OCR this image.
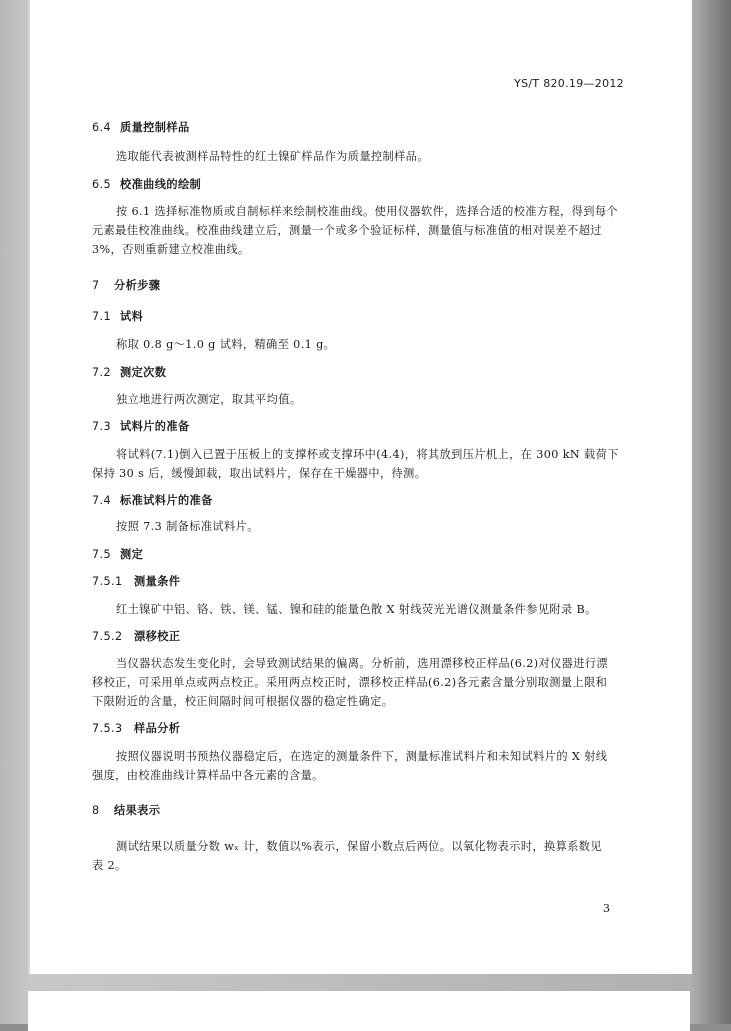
YS/T 820.19—2012
6.4 质量控制样品
选取能代表被测样品特性的红土镍矿样品作为质量控制样品。
6.5 校准曲线的绘制
按 6.1 选择标准物质或自制标样来绘制校准曲线。使用仪器软件，选择合适的校准方程，得到每个
元素最佳校准曲线。校准曲线建立后，测量一个或多个验证标样，测量值与标准值的相对误差不超过
3%，否则重新建立校准曲线。
7 分析步骤
7.1 试料
称取 0.8 g～1.0 g 试料，精确至 0.1 g。
7.2 测定次数
独立地进行两次测定，取其平均值。
7.3 试料片的准备
将试料(7.1)倒入已置于压板上的支撑杯或支撑环中(4.4)，将其放到压片机上，在 300 kN 载荷下
保持 30 s 后，缓慢卸载，取出试料片，保存在干燥器中，待测。
7.4 标准试料片的准备
按照 7.3 制备标准试料片。
7.5 测定
7.5.1 测量条件
红土镍矿中铝、铬、铁、镁、锰、镍和硅的能量色散 X 射线荧光光谱仪测量条件参见附录 B。
7.5.2 漂移校正
当仪器状态发生变化时，会导致测试结果的偏离。分析前，选用漂移校正样品(6.2)对仪器进行漂
移校正，可采用单点或两点校正。采用两点校正时，漂移校正样品(6.2)各元素含量分别取测量上限和
下限附近的含量，校正间隔时间可根据仪器的稳定性确定。
7.5.3 样品分析
按照仪器说明书预热仪器稳定后，在选定的测量条件下，测量标准试料片和未知试料片的 X 射线
强度，由校准曲线计算样品中各元素的含量。
8 结果表示
测试结果以质量分数 wₓ 计，数值以%表示，保留小数点后两位。以氧化物表示时，换算系数见
表 2。
3
